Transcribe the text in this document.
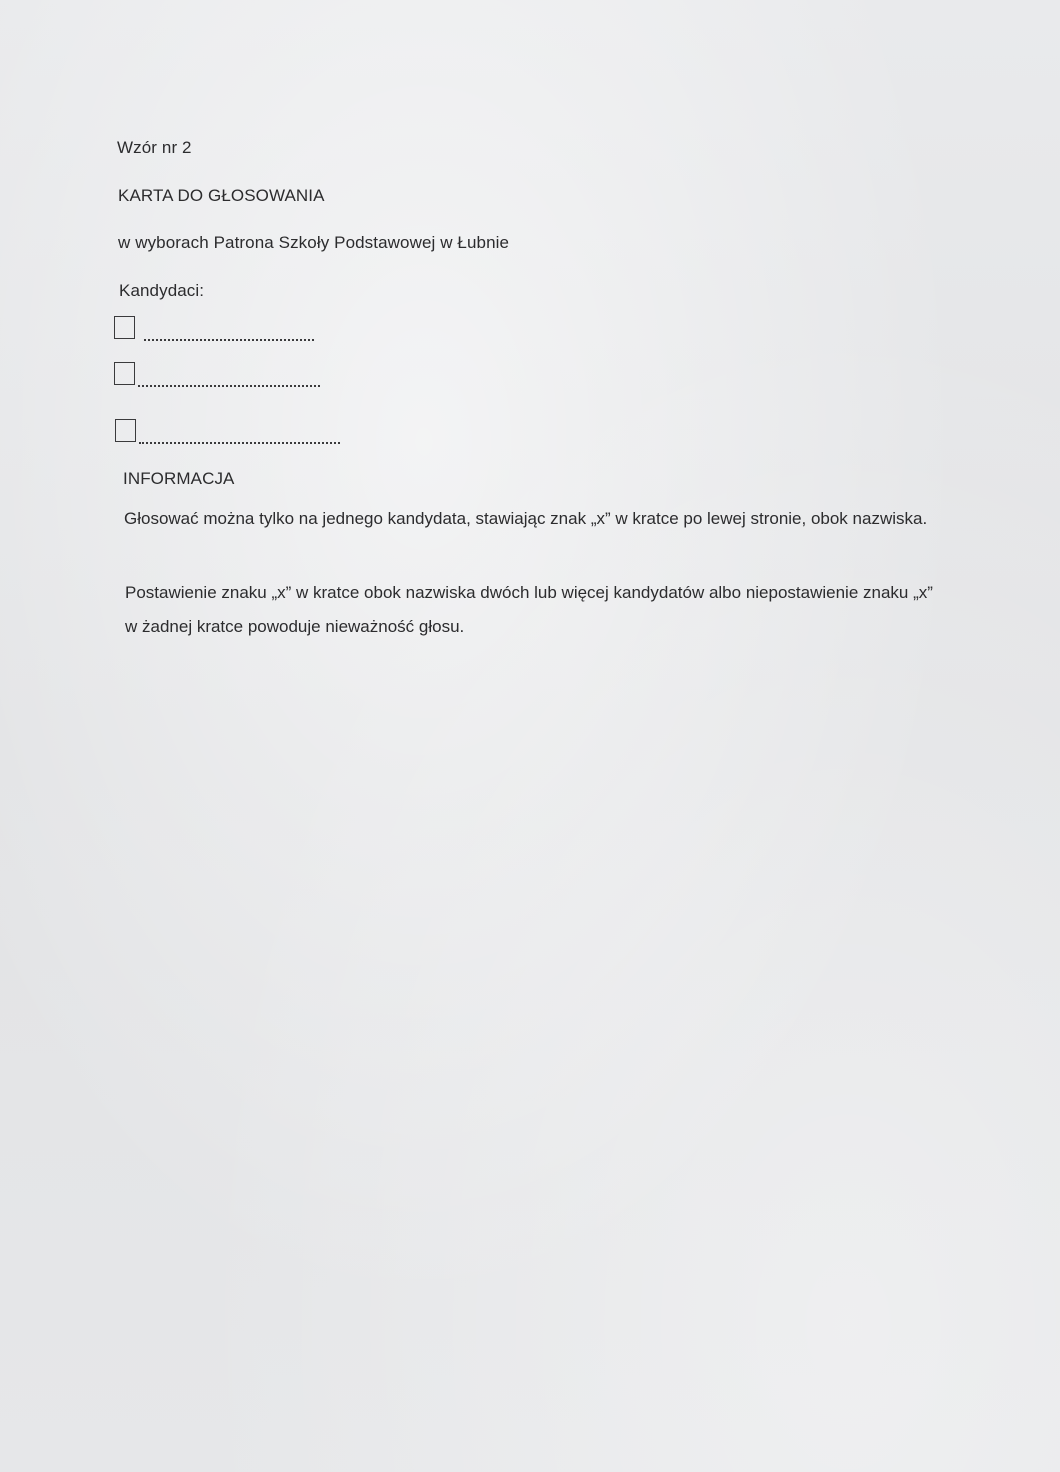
Wzór nr 2
KARTA DO GŁOSOWANIA
w wyborach Patrona Szkoły Podstawowej w Łubnie
Kandydaci:
INFORMACJA
Głosować można tylko na jednego kandydata, stawiając znak „x” w kratce po lewej stronie, obok nazwiska.
Postawienie znaku „x” w kratce obok nazwiska dwóch lub więcej kandydatów albo niepostawienie znaku „x” w żadnej kratce powoduje nieważność głosu.
